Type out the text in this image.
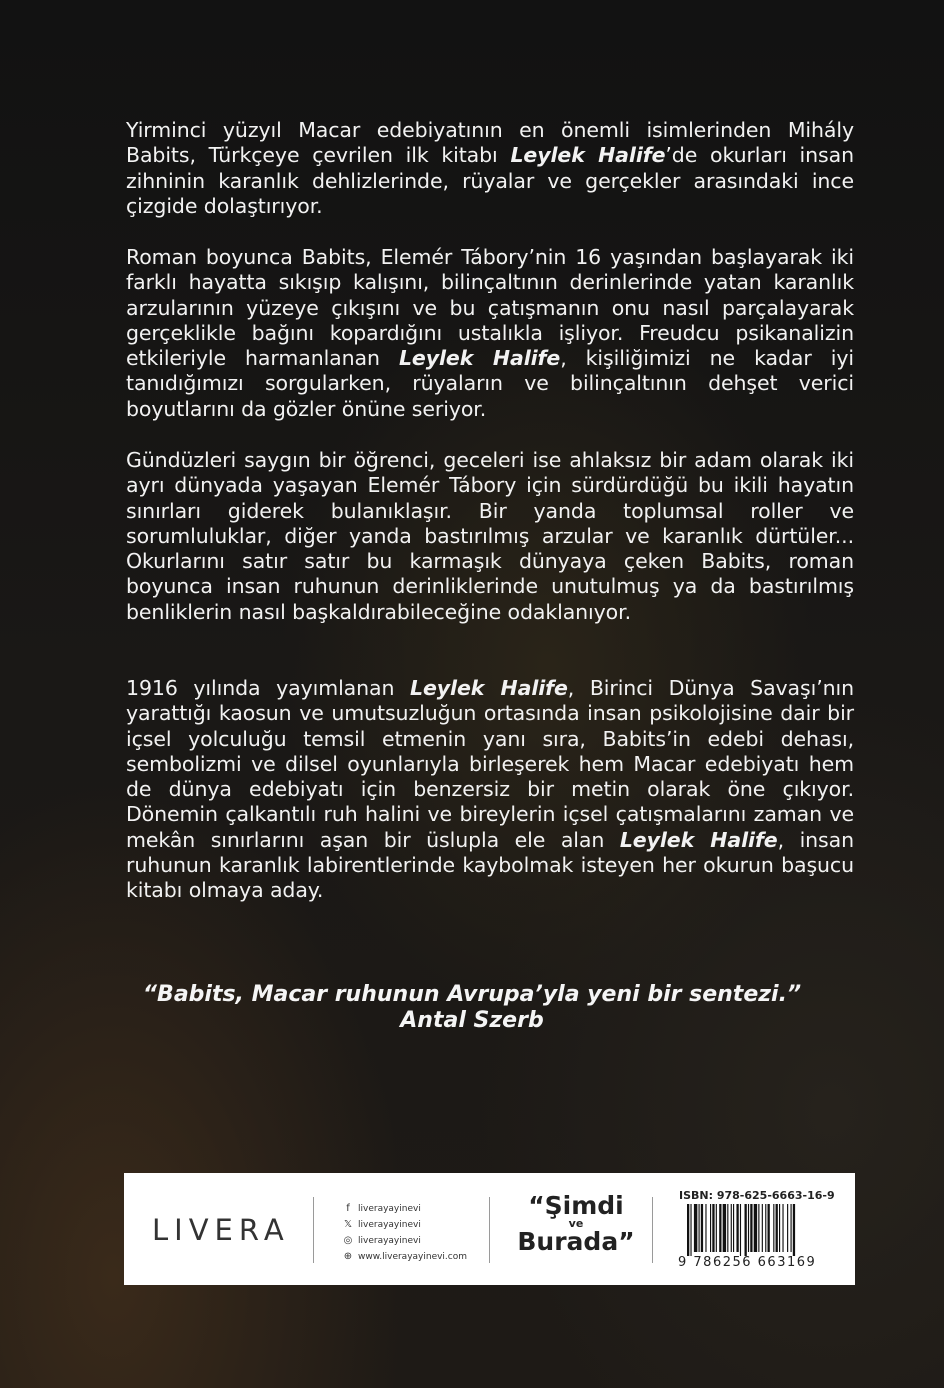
Yirminci yüzyıl Macar edebiyatının en önemli isimlerinden Mihály Babits, Türkçeye çevrilen ilk kitabı Leylek Halife’de okurları insan zihninin karanlık dehlizlerinde, rüyalar ve gerçekler arasındaki ince çizgide dolaştırıyor.
Roman boyunca Babits, Elemér Tábory’nin 16 yaşından başlayarak iki farklı hayatta sıkışıp kalışını, bilinçaltının derinlerinde yatan karanlık arzularının yüzeye çıkışını ve bu çatışmanın onu nasıl parçalayarak gerçeklikle bağını kopardığını ustalıkla işliyor. Freudcu psikanalizin etkileriyle harmanlanan Leylek Halife, kişiliğimizi ne kadar iyi tanıdığımızı sorgularken, rüyaların ve bilinçaltının dehşet verici boyutlarını da gözler önüne seriyor.
Gündüzleri saygın bir öğrenci, geceleri ise ahlaksız bir adam olarak iki ayrı dünyada yaşayan Elemér Tábory için sürdürdüğü bu ikili hayatın sınırları giderek bulanıklaşır. Bir yanda toplumsal roller ve sorumluluklar, diğer yanda bastırılmış arzular ve karanlık dürtüler... Okurlarını satır satır bu karmaşık dünyaya çeken Babits, roman boyunca insan ruhunun derinliklerinde unutulmuş ya da bastırılmış benliklerin nasıl başkaldırabileceğine odaklanıyor.
1916 yılında yayımlanan Leylek Halife, Birinci Dünya Savaşı’nın yarattığı kaosun ve umutsuzluğun ortasında insan psikolojisine dair bir içsel yolculuğu temsil etmenin yanı sıra, Babits’in edebi dehası, sembolizmi ve dilsel oyunlarıyla birleşerek hem Macar edebiyatı hem de dünya edebiyatı için benzersiz bir metin olarak öne çıkıyor. Dönemin çalkantılı ruh halini ve bireylerin içsel çatışmalarını zaman ve mekân sınırlarını aşan bir üslupla ele alan Leylek Halife, insan ruhunun karanlık labirentlerinde kaybolmak isteyen her okurun başucu kitabı olmaya aday.
“Babits, Macar ruhunun Avrupa’yla yeni bir sentezi.”
Antal Szerb
LIVERA
f liverayayinevi
𝕏 liverayayinevi
◎ liverayayinevi
⊕ www.liverayayinevi.com
“Şimdi
ve
Burada”
ISBN: 978-625-6663-16-9
9 786256 663169
